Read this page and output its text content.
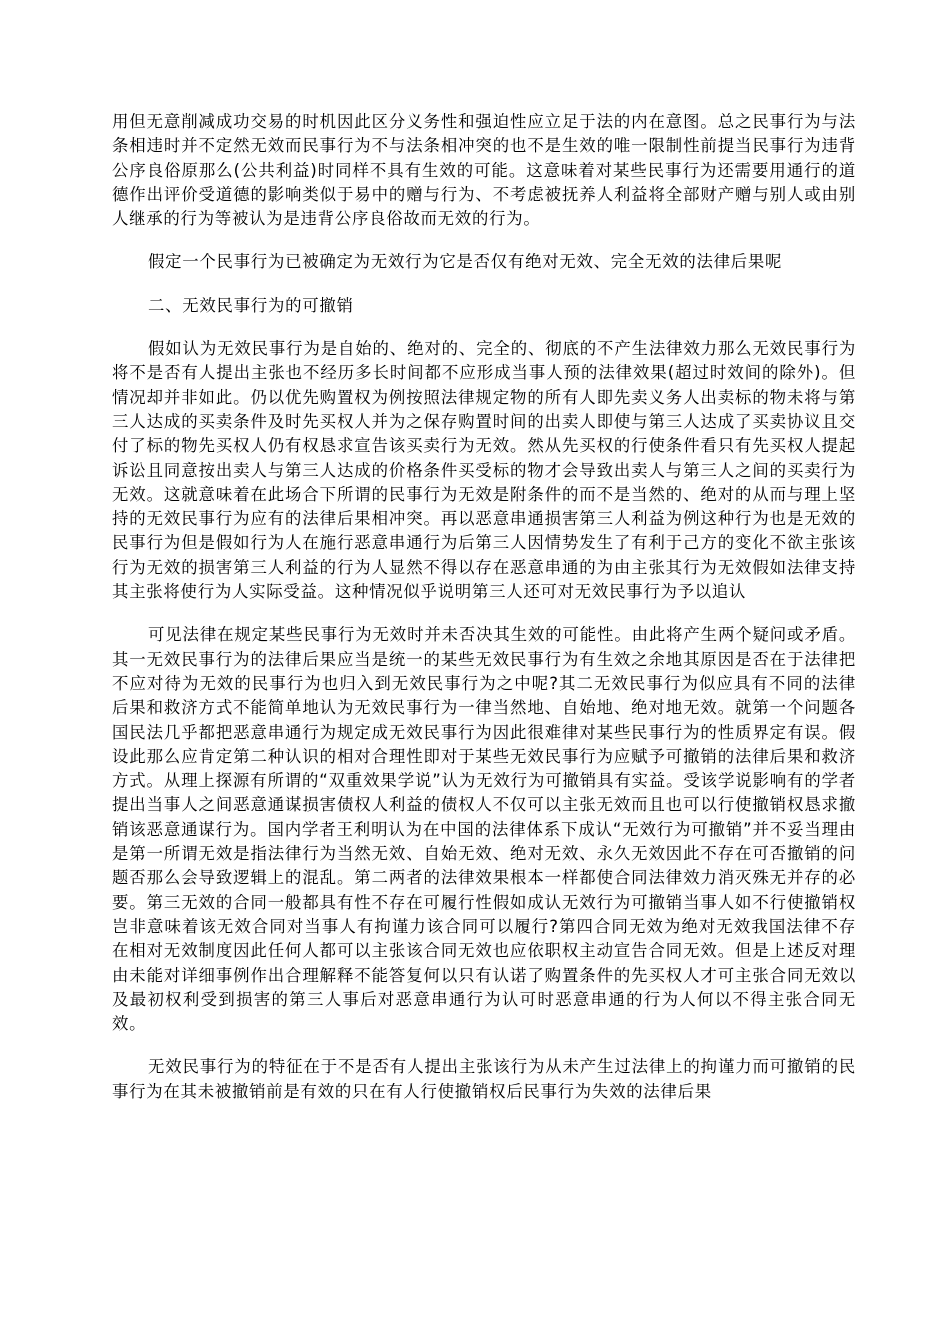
用但无意削减成功交易的时机因此区分义务性和强迫性应立足于法的内在意图。总之民事行为与法条相违时并不定然无效而民事行为不与法条相冲突的也不是生效的唯一限制性前提当民事行为违背公序良俗原那么(公共利益)时同样不具有生效的可能。这意味着对某些民事行为还需要用通行的道德作出评价受道德的影响类似于易中的赠与行为、不考虑被抚养人利益将全部财产赠与别人或由别人继承的行为等被认为是违背公序良俗故而无效的行为。

假定一个民事行为已被确定为无效行为它是否仅有绝对无效、完全无效的法律后果呢

二、无效民事行为的可撤销

假如认为无效民事行为是自始的、绝对的、完全的、彻底的不产生法律效力那么无效民事行为将不是否有人提出主张也不经历多长时间都不应形成当事人预的法律效果(超过时效间的除外)。但情况却并非如此。仍以优先购置权为例按照法律规定物的所有人即先卖义务人出卖标的物未将与第三人达成的买卖条件及时先买权人并为之保存购置时间的出卖人即使与第三人达成了买卖协议且交付了标的物先买权人仍有权恳求宣告该买卖行为无效。然从先买权的行使条件看只有先买权人提起诉讼且同意按出卖人与第三人达成的价格条件买受标的物才会导致出卖人与第三人之间的买卖行为无效。这就意味着在此场合下所谓的民事行为无效是附条件的而不是当然的、绝对的从而与理上坚持的无效民事行为应有的法律后果相冲突。再以恶意串通损害第三人利益为例这种行为也是无效的民事行为但是假如行为人在施行恶意串通行为后第三人因情势发生了有利于己方的变化不欲主张该行为无效的损害第三人利益的行为人显然不得以存在恶意串通的为由主张其行为无效假如法律支持其主张将使行为人实际受益。这种情况似乎说明第三人还可对无效民事行为予以追认

可见法律在规定某些民事行为无效时并未否决其生效的可能性。由此将产生两个疑问或矛盾。其一无效民事行为的法律后果应当是统一的某些无效民事行为有生效之余地其原因是否在于法律把不应对待为无效的民事行为也归入到无效民事行为之中呢?其二无效民事行为似应具有不同的法律后果和救济方式不能简单地认为无效民事行为一律当然地、自始地、绝对地无效。就第一个问题各国民法几乎都把恶意串通行为规定成无效民事行为因此很难律对某些民事行为的性质界定有误。假设此那么应肯定第二种认识的相对合理性即对于某些无效民事行为应赋予可撤销的法律后果和救济方式。从理上探源有所谓的“双重效果学说”认为无效行为可撤销具有实益。受该学说影响有的学者提出当事人之间恶意通谋损害债权人利益的债权人不仅可以主张无效而且也可以行使撤销权恳求撤销该恶意通谋行为。国内学者王利明认为在中国的法律体系下成认“无效行为可撤销”并不妥当理由是第一所谓无效是指法律行为当然无效、自始无效、绝对无效、永久无效因此不存在可否撤销的问题否那么会导致逻辑上的混乱。第二两者的法律效果根本一样都使合同法律效力消灭殊无并存的必要。第三无效的合同一般都具有性不存在可履行性假如成认无效行为可撤销当事人如不行使撤销权岂非意味着该无效合同对当事人有拘谨力该合同可以履行?第四合同无效为绝对无效我国法律不存在相对无效制度因此任何人都可以主张该合同无效也应依职权主动宣告合同无效。但是上述反对理由未能对详细事例作出合理解释不能答复何以只有认诺了购置条件的先买权人才可主张合同无效以及最初权利受到损害的第三人事后对恶意串通行为认可时恶意串通的行为人何以不得主张合同无效。

无效民事行为的特征在于不是否有人提出主张该行为从未产生过法律上的拘谨力而可撤销的民事行为在其未被撤销前是有效的只在有人行使撤销权后民事行为失效的法律后果
